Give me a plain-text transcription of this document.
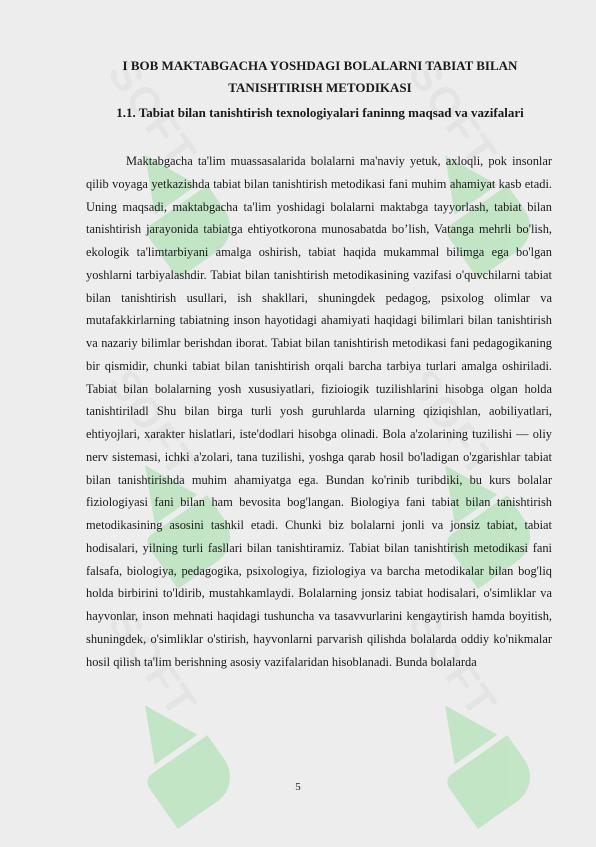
SOFT	SOFT
SOFT	SOFT
SOFT	SOFT
I BOB MAKTABGACHA YOSHDAGI BOLALARNI TABIAT BILAN
TANISHTIRISH METODIKASI
1.1. Tabiat bilan tanishtirish texnologiyalari faninng maqsad va vazifalari

Maktabgacha ta'lim muassasalarida bolalarni ma'naviy yetuk, axloqli, pok insonlar qilib voyaga yetkazishda tabiat bilan tanishtirish metodikasi fani muhim ahamiyat kasb etadi. Uning maqsadi, maktabgacha ta'lim yoshidagi bolalarni maktabga tayyorlash, tabiat bilan tanishtirish jarayonida tabiatga ehtiyotkorona munosabatda bo’lish, Vatanga mehrli bo'lish, ekologik ta'limtarbiyani amalga oshirish, tabiat haqida mukammal bilimga ega bo'lgan yoshlarni tarbiyalashdir. Tabiat bilan tanishtirish metodikasining vazifasi o'quvchilarni tabiat bilan tanishtirish usullari, ish shakllari, shuningdek pedagog, psixolog olimlar va mutafakkirlarning tabiatning inson hayotidagi ahamiyati haqidagi bilimlari bilan tanishtirish va nazariy bilimlar berishdan iborat. Tabiat bilan tanishtirish metodikasi fani pedagogikaning bir qismidir, chunki tabiat bilan tanishtirish orqali barcha tarbiya turlari amalga oshiriladi. Tabiat bilan bolalarning yosh xususiyatlari, fizioiogik tuzilishlarini hisobga olgan holda tanishtiriladl Shu bilan birga turli yosh guruhlarda ularning qiziqishlan, aobiliyatlari, ehtiyojlari, xarakter hislatlari, iste'dodlari hisobga olinadi. Bola a'zolarining tuzilishi — oliy nerv sistemasi, ichki a'zolari, tana tuzilishi, yoshga qarab hosil bo'ladigan o'zgarishlar tabiat bilan tanishtirishda muhim ahamiyatga ega. Bundan ko'rinib turibdiki, bu kurs bolalar fiziologiyasi fani bilan ham bevosita bog'langan. Biologiya fani tabiat bilan tanishtirish metodikasining asosini tashkil etadi. Chunki biz bolalarni jonli va jonsiz tabiat, tabiat hodisalari, yilning turli fasllari bilan tanishtiramiz. Tabiat bilan tanishtirish metodikasi fani falsafa, biologiya, pedagogika, psixologiya, fiziologiya va barcha metodikalar bilan bog'liq holda birbirini to'ldirib, mustahkamlaydi. Bolalarning jonsiz tabiat hodisalari, o'simliklar va hayvonlar, inson mehnati haqidagi tushuncha va tasavvurlarini kengaytirish hamda boyitish, shuningdek, o'simliklar o'stirish, hayvonlarni parvarish qilishda bolalarda oddiy ko'nikmalar hosil qilish ta'lim berishning asosiy vazifalaridan hisoblanadi. Bunda bolalarda

5
